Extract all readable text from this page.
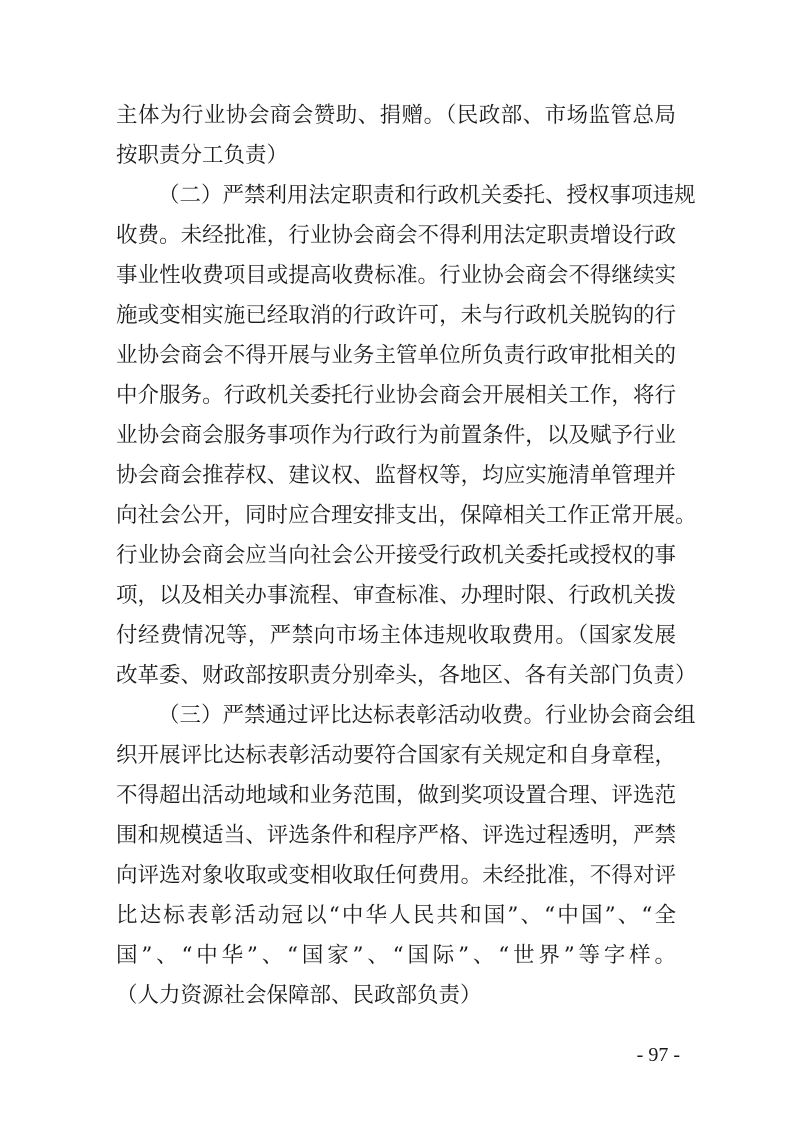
主体为行业协会商会赞助、捐赠。（民政部、市场监管总局
按职责分工负责）
（二）严禁利用法定职责和行政机关委托、授权事项违规
收费。未经批准，行业协会商会不得利用法定职责增设行政
事业性收费项目或提高收费标准。行业协会商会不得继续实
施或变相实施已经取消的行政许可，未与行政机关脱钩的行
业协会商会不得开展与业务主管单位所负责行政审批相关的
中介服务。行政机关委托行业协会商会开展相关工作，将行
业协会商会服务事项作为行政行为前置条件，以及赋予行业
协会商会推荐权、建议权、监督权等，均应实施清单管理并
向社会公开，同时应合理安排支出，保障相关工作正常开展。
行业协会商会应当向社会公开接受行政机关委托或授权的事
项，以及相关办事流程、审查标准、办理时限、行政机关拨
付经费情况等，严禁向市场主体违规收取费用。（国家发展
改革委、财政部按职责分别牵头，各地区、各有关部门负责）
（三）严禁通过评比达标表彰活动收费。行业协会商会组
织开展评比达标表彰活动要符合国家有关规定和自身章程，
不得超出活动地域和业务范围，做到奖项设置合理、评选范
围和规模适当、评选条件和程序严格、评选过程透明，严禁
向评选对象收取或变相收取任何费用。未经批准，不得对评
比达标表彰活动冠以“中华人民共和国”、“中国”、“全
国”、“中华”、“国家”、“国际”、“世界”等字样。
（人力资源社会保障部、民政部负责）
- 97 -
